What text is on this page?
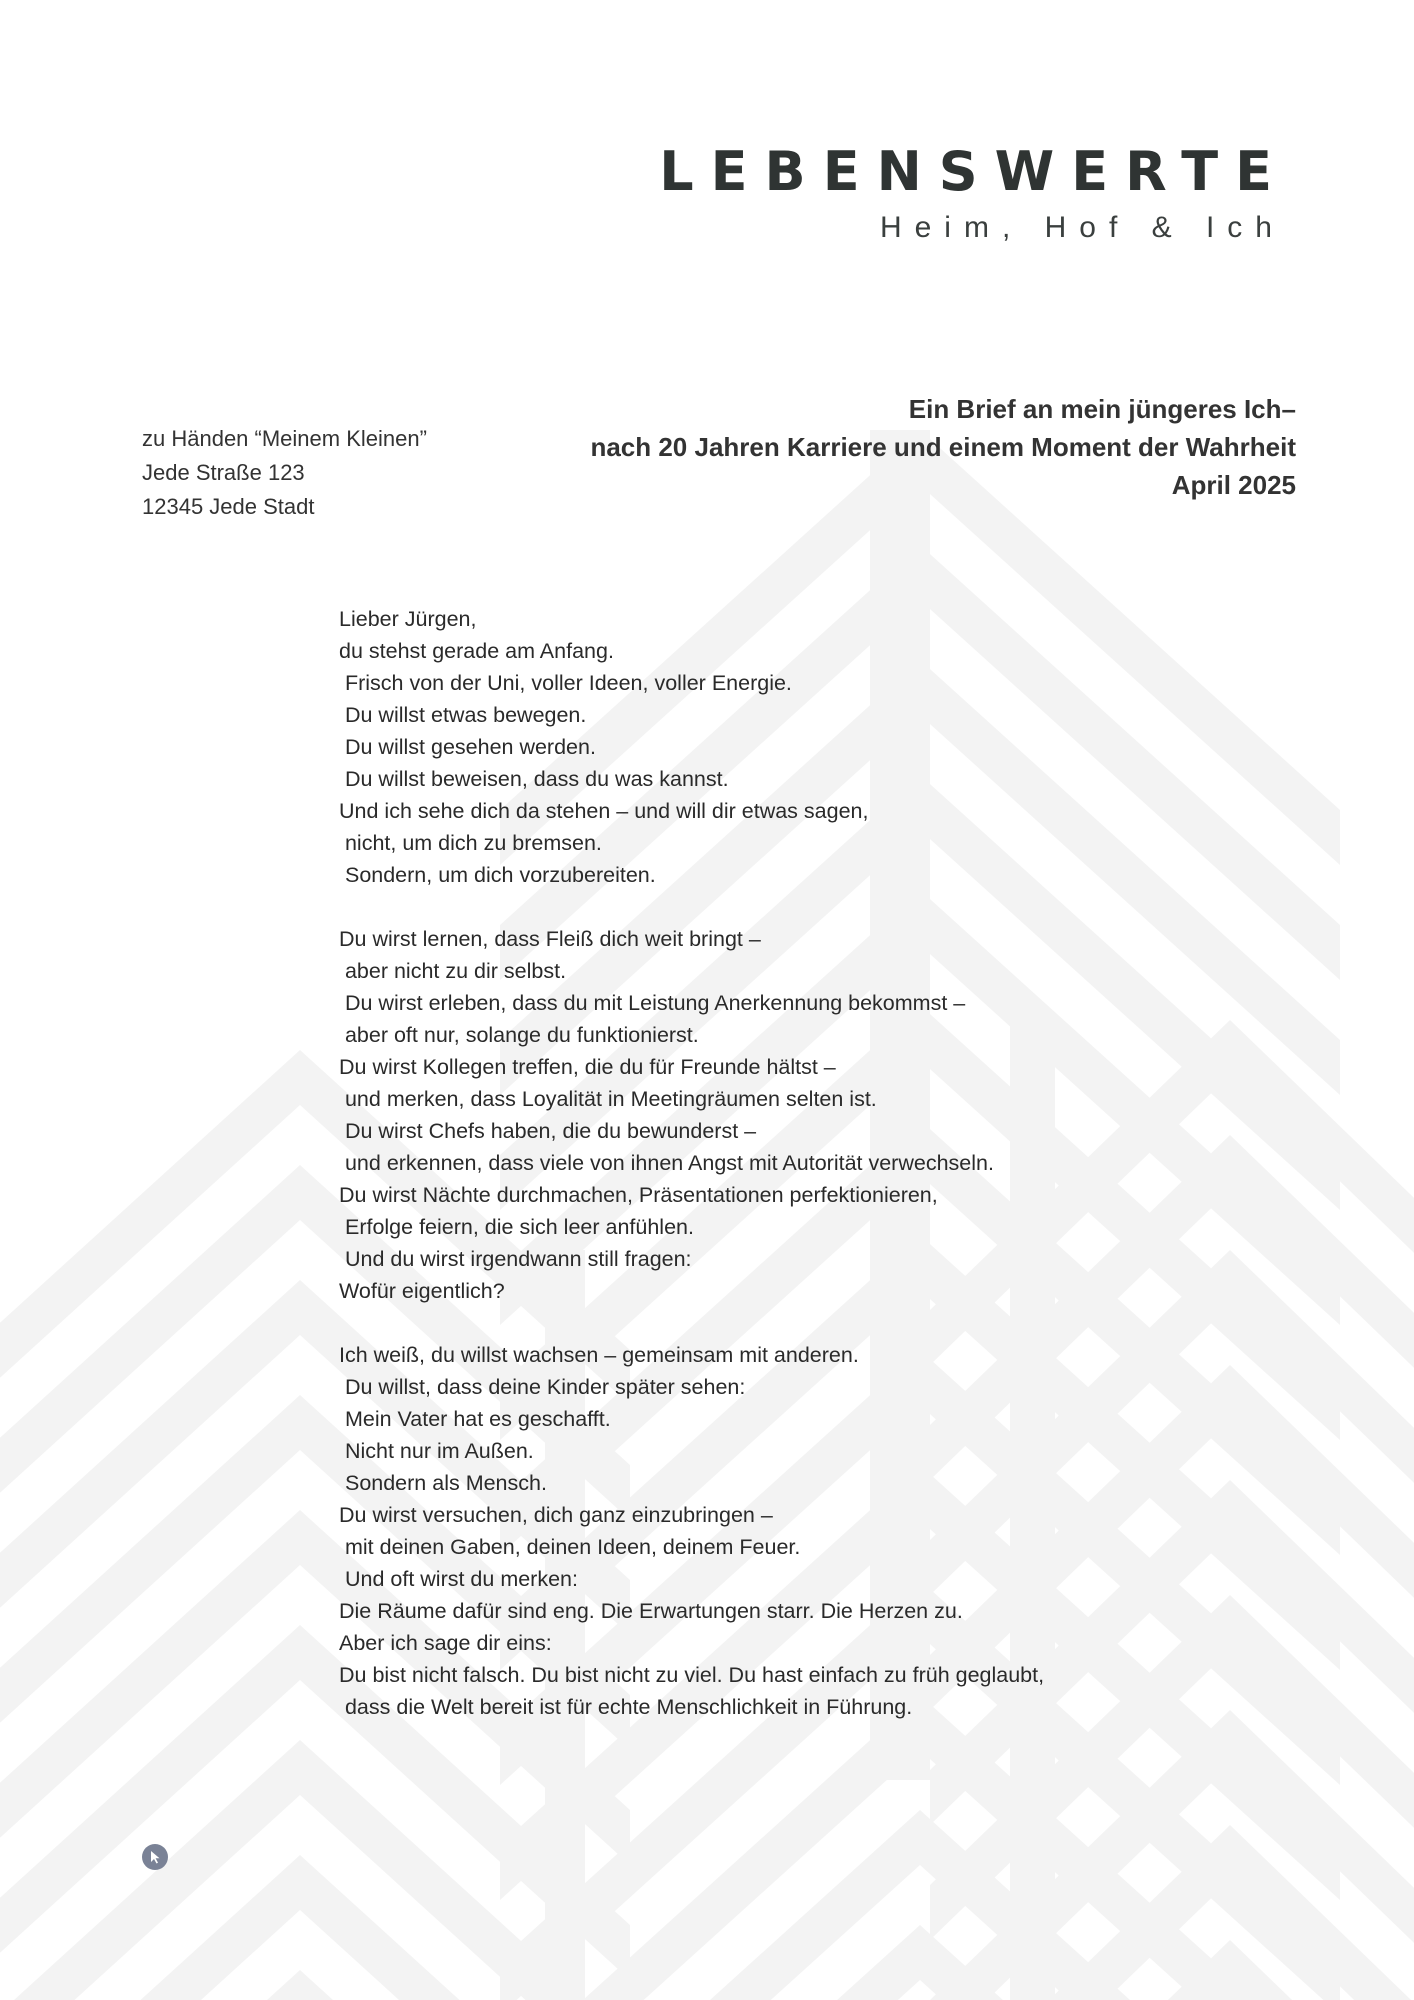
LEBENSWERTE
Heim, Hof & Ich
zu Händen “Meinem Kleinen”
Jede Straße 123
12345 Jede Stadt
Ein Brief an mein jüngeres Ich–
nach 20 Jahren Karriere und einem Moment der Wahrheit
April 2025

Lieber Jürgen,
du stehst gerade am Anfang.
Frisch von der Uni, voller Ideen, voller Energie.
Du willst etwas bewegen.
Du willst gesehen werden.
Du willst beweisen, dass du was kannst.
Und ich sehe dich da stehen – und will dir etwas sagen,
nicht, um dich zu bremsen.
Sondern, um dich vorzubereiten.

Du wirst lernen, dass Fleiß dich weit bringt –
aber nicht zu dir selbst.
Du wirst erleben, dass du mit Leistung Anerkennung bekommst –
aber oft nur, solange du funktionierst.
Du wirst Kollegen treffen, die du für Freunde hältst –
und merken, dass Loyalität in Meetingräumen selten ist.
Du wirst Chefs haben, die du bewunderst –
und erkennen, dass viele von ihnen Angst mit Autorität verwechseln.
Du wirst Nächte durchmachen, Präsentationen perfektionieren,
Erfolge feiern, die sich leer anfühlen.
Und du wirst irgendwann still fragen:
Wofür eigentlich?

Ich weiß, du willst wachsen – gemeinsam mit anderen.
Du willst, dass deine Kinder später sehen:
Mein Vater hat es geschafft.
Nicht nur im Außen.
Sondern als Mensch.
Du wirst versuchen, dich ganz einzubringen –
mit deinen Gaben, deinen Ideen, deinem Feuer.
Und oft wirst du merken:
Die Räume dafür sind eng. Die Erwartungen starr. Die Herzen zu.
Aber ich sage dir eins:
Du bist nicht falsch. Du bist nicht zu viel. Du hast einfach zu früh geglaubt,
dass die Welt bereit ist für echte Menschlichkeit in Führung.
